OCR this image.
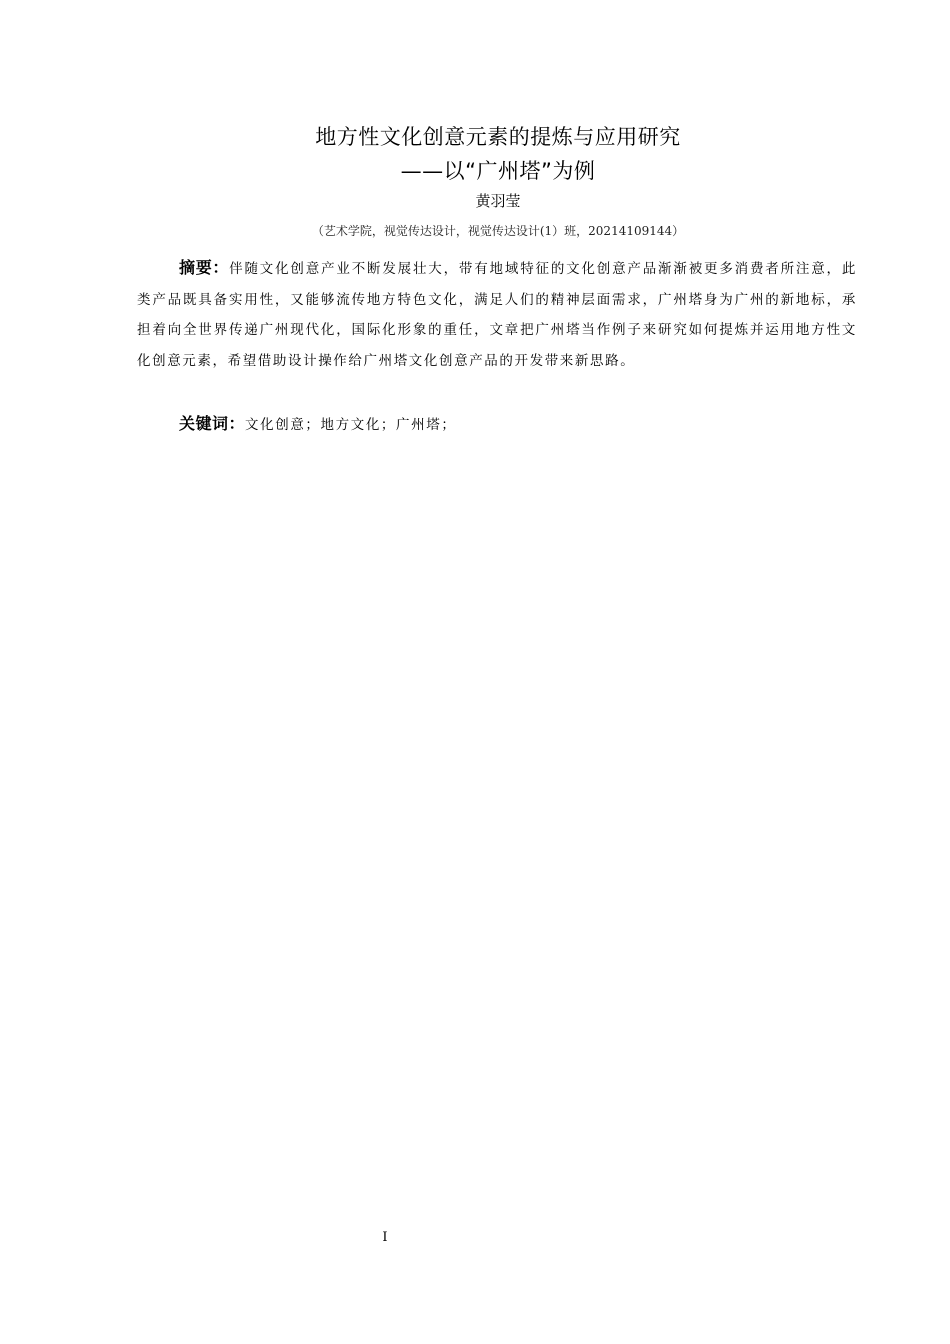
地方性文化创意元素的提炼与应用研究
——以“广州塔”为例
黄羽莹
（艺术学院，视觉传达设计，视觉传达设计(1）班，20214109144）

摘要：伴随文化创意产业不断发展壮大，带有地域特征的文化创意产品渐渐被更多消费者所注意，此类产品既具备实用性，又能够流传地方特色文化，满足人们的精神层面需求，广州塔身为广州的新地标，承担着向全世界传递广州现代化，国际化形象的重任，文章把广州塔当作例子来研究如何提炼并运用地方性文化创意元素，希望借助设计操作给广州塔文化创意产品的开发带来新思路。

关键词：文化创意；地方文化；广州塔；

I
